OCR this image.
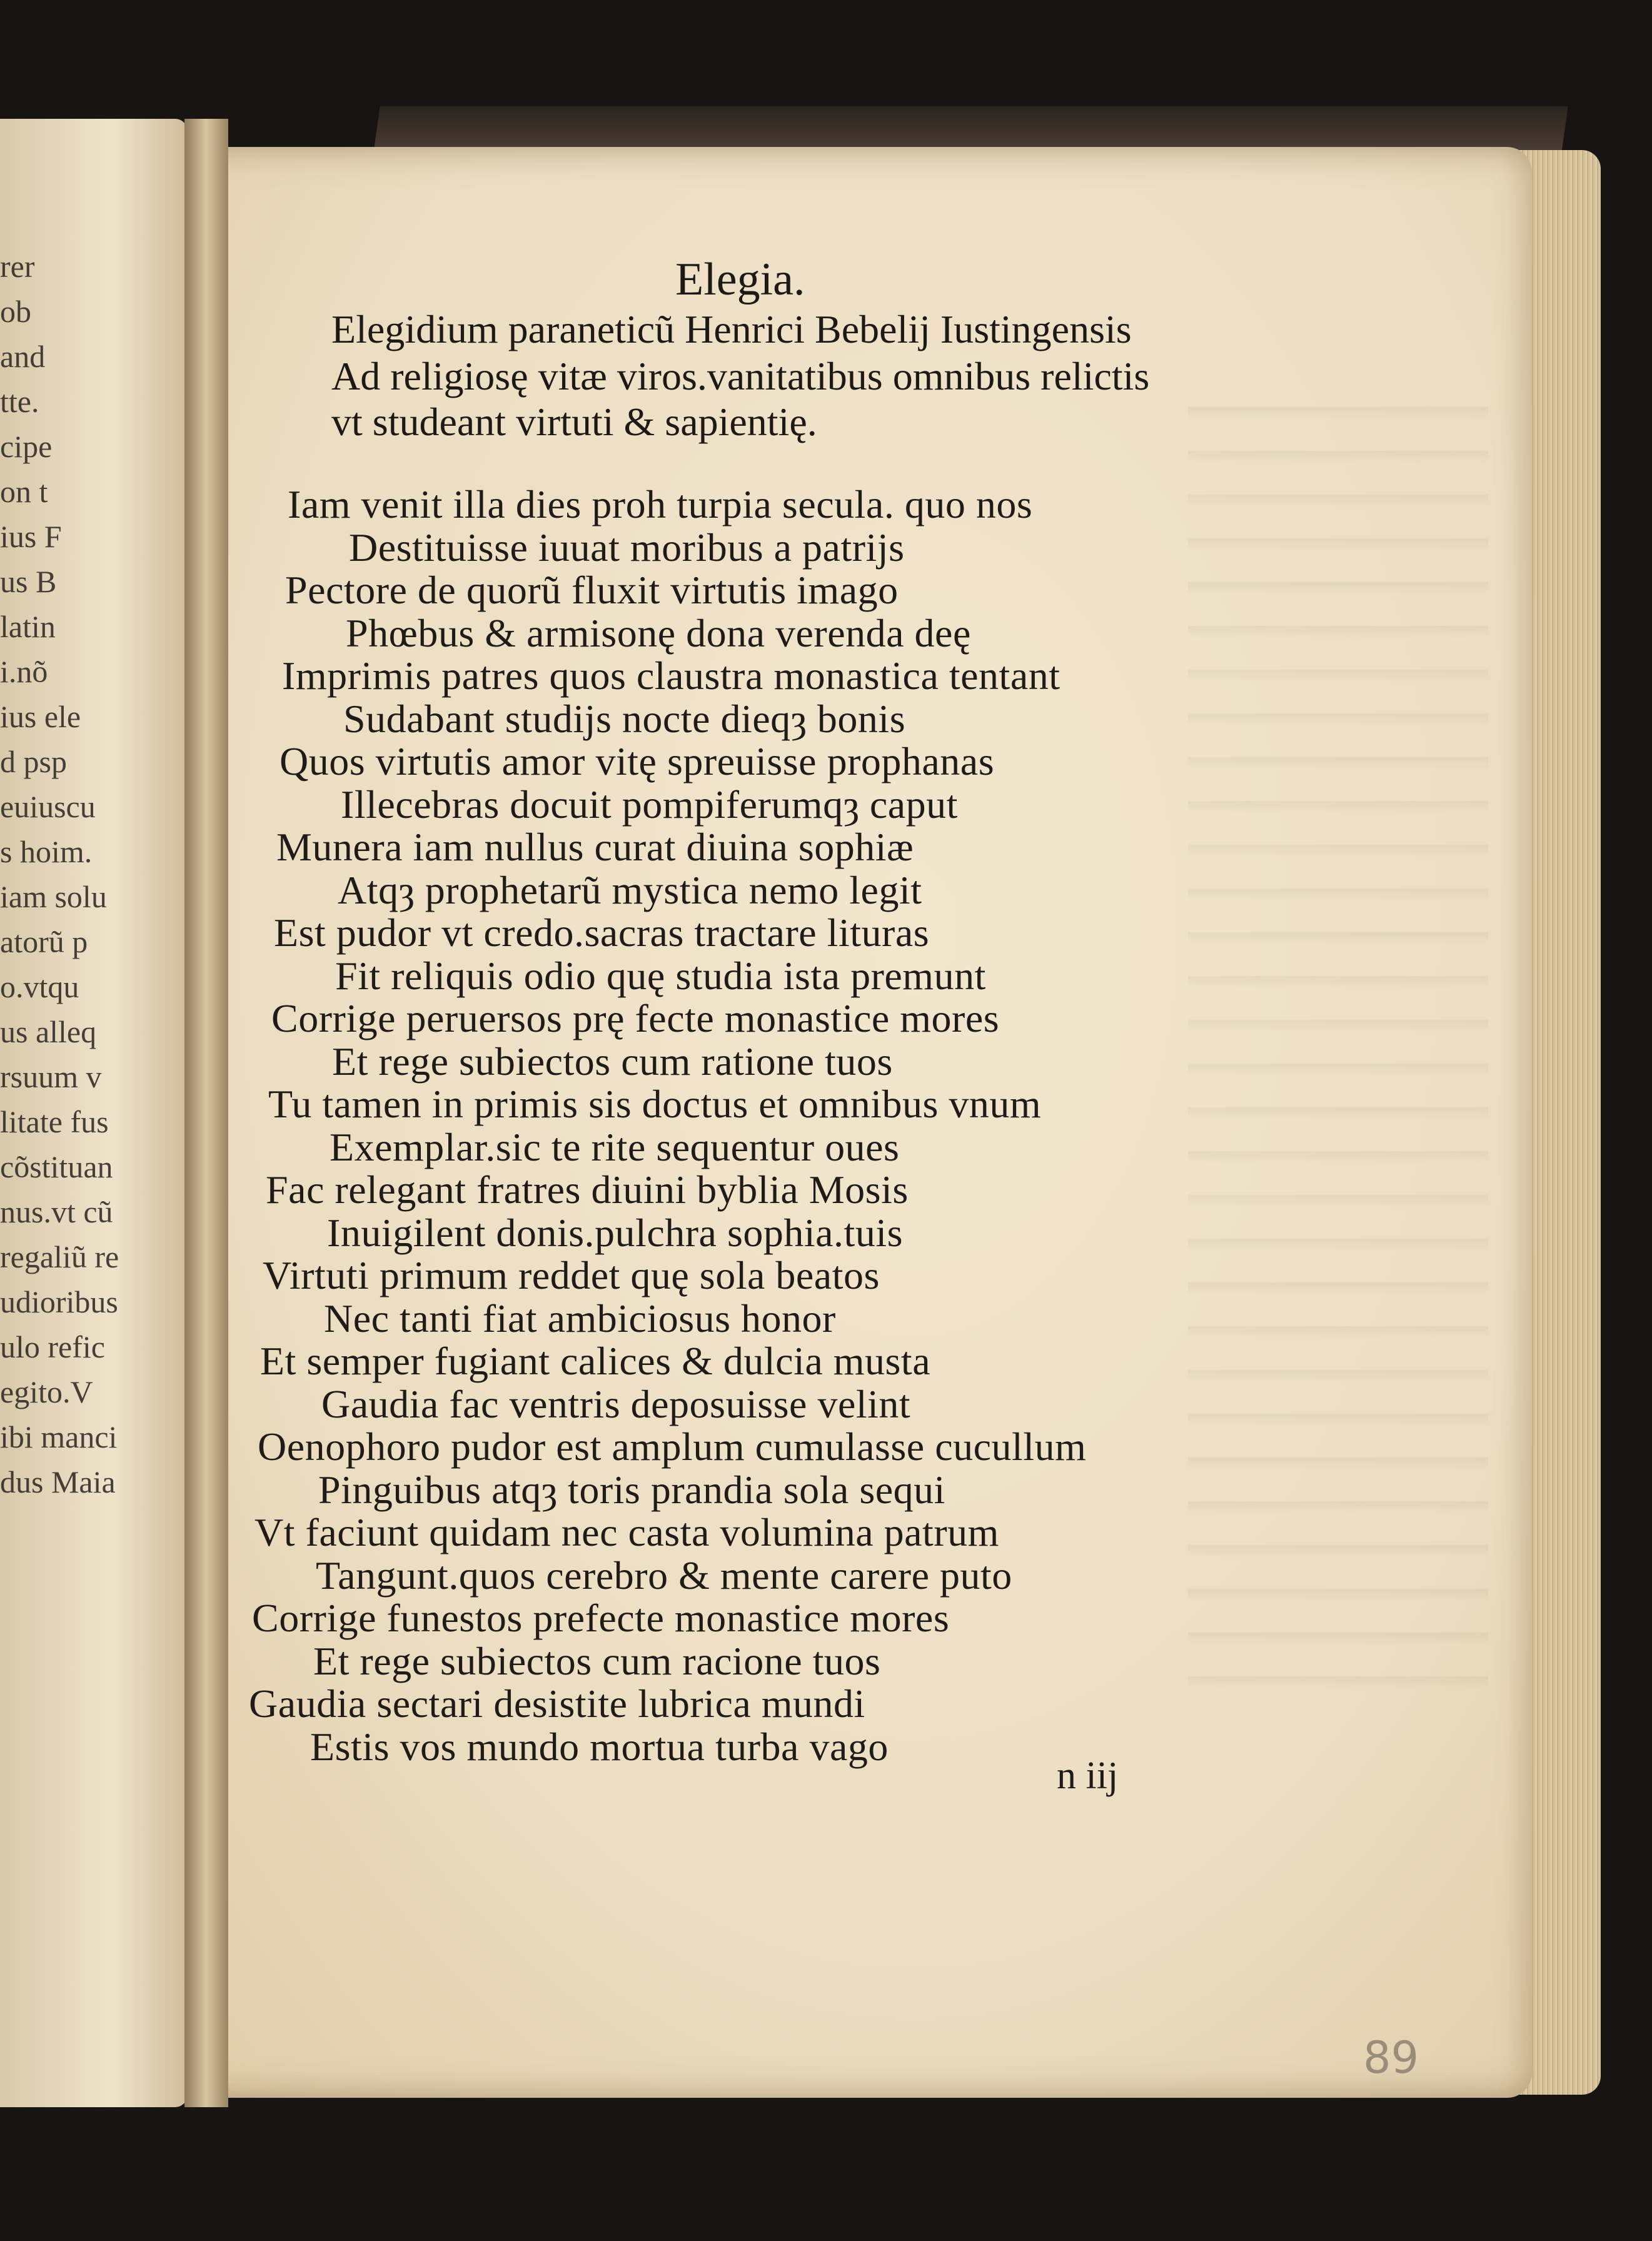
rer
ob
and
tte.
cipe
on t
ius F
us B
latin
i.nõ
ius ele
d psp
euiuscu
s hoim.
iam solu
atorũ p
o.vtqu
us alleq
rsuum v
litate fus
cõstituan
nus.vt cũ
regaliũ re
udioribus
ulo refic
egito.V
ibi manci
dus Maia
Elegia.
Elegidium paraneticũ Henrici Bebelij Iustingensis
Ad religiosę vitæ viros.vanitatibus omnibus relictis
vt studeant virtuti & sapientię.
Iam venit illa dies proh turpia secula. quo nos
Destituisse iuuat moribus a patrijs
Pectore de quorũ fluxit virtutis imago
Phœbus & armisonę dona verenda deę
Imprimis patres quos claustra monastica tentant
Sudabant studijs nocte dieqȝ bonis
Quos virtutis amor vitę spreuisse prophanas
Illecebras docuit pompiferumqȝ caput
Munera iam nullus curat diuina sophiæ
Atqȝ prophetarũ mystica nemo legit
Est pudor vt credo.sacras tractare lituras
Fit reliquis odio quę studia ista premunt
Corrige peruersos prę fecte monastice mores
Et rege subiectos cum ratione tuos
Tu tamen in primis sis doctus et omnibus vnum
Exemplar.sic te rite sequentur oues
Fac relegant fratres diuini byblia Mosis
Inuigilent donis.pulchra sophia.tuis
Virtuti primum reddet quę sola beatos
Nec tanti fiat ambiciosus honor
Et semper fugiant calices & dulcia musta
Gaudia fac ventris deposuisse velint
Oenophoro pudor est amplum cumulasse cucullum
Pinguibus atqȝ toris prandia sola sequi
Vt faciunt quidam nec casta volumina patrum
Tangunt.quos cerebro & mente carere puto
Corrige funestos prefecte monastice mores
Et rege subiectos cum racione tuos
Gaudia sectari desistite lubrica mundi
Estis vos mundo mortua turba vago
n iij
89
